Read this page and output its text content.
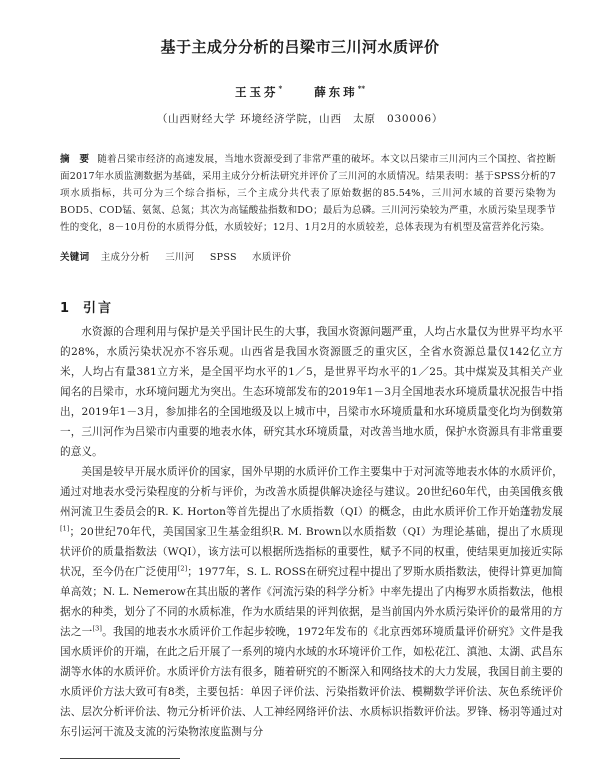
基于主成分分析的吕梁市三川河水质评价
王玉芬*	薛东玮**
（山西财经大学 环境经济学院，山西　太原　030006）
摘　要 随着吕梁市经济的高速发展，当地水资源受到了非常严重的破坏。本文以吕梁市三川河内三个国控、省控断面2017年水质监测数据为基础，采用主成分分析法研究并评价了三川河的水质情况。结果表明：基于SPSS分析的7项水质指标，共可分为三个综合指标，三个主成分共代表了原始数据的85.54%，三川河水域的首要污染物为BOD5、COD锰、氨氮、总氮；其次为高锰酸盐指数和DO；最后为总磷。三川河污染较为严重，水质污染呈现季节性的变化，8－10月份的水质得分低，水质较好；12月、1月2月的水质较差，总体表现为有机型及富营养化污染。
关键词 主成分分析 三川河 SPSS 水质评价
1 引言

水资源的合理利用与保护是关乎国计民生的大事，我国水资源问题严重，人均占水量仅为世界平均水平的28%，水质污染状况亦不容乐观。山西省是我国水资源匮乏的重灾区，全省水资源总量仅142亿立方米，人均占有量381立方米，是全国平均水平的1／5，是世界平均水平的1／25。其中煤炭及其相关产业闻名的吕梁市，水环境问题尤为突出。生态环境部发布的2019年1－3月全国地表水环境质量状况报告中指出，2019年1－3月，参加排名的全国地级及以上城市中，吕梁市水环境质量和水环境质量变化均为倒数第一，三川河作为吕梁市内重要的地表水体，研究其水环境质量，对改善当地水质，保护水资源具有非常重要的意义。

美国是较早开展水质评价的国家，国外早期的水质评价工作主要集中于对河流等地表水体的水质评价，通过对地表水受污染程度的分析与评价，为改善水质提供解决途径与建议。20世纪60年代，由美国俄亥俄州河流卫生委员会的R. K. Horton等首先提出了水质指数（QI）的概念，由此水质评价工作开始蓬勃发展[1]；20世纪70年代，美国国家卫生基金组织R. M. Brown以水质指数（QI）为理论基础，提出了水质现状评价的质量指数法（WQI），该方法可以根据所选指标的重要性，赋予不同的权重，使结果更加接近实际状况，至今仍在广泛使用[2]；1977年，S. L. ROSS在研究过程中提出了罗斯水质指数法，使得计算更加简单高效；N. L. Nemerow在其出版的著作《河流污染的科学分析》中率先提出了内梅罗水质指数法，他根据水的种类，划分了不同的水质标准，作为水质结果的评判依据，是当前国内外水质污染评价的最常用的方法之一[3]。我国的地表水水质评价工作起步较晚，1972年发布的《北京西郊环境质量评价研究》文件是我国水质评价的开端，在此之后开展了一系列的境内水域的水环境评价工作，如松花江、滇池、太湖、武昌东湖等水体的水质评价。水质评价方法有很多，随着研究的不断深入和网络技术的大力发展，我国目前主要的水质评价方法大致可有8类，主要包括：单因子评价法、污染指数评价法、模糊数学评价法、灰色系统评价法、层次分析评价法、物元分析评价法、人工神经网络评价法、水质标识指数评价法。罗锋、杨羽等通过对东引运河干流及支流的污染物浓度监测与分
